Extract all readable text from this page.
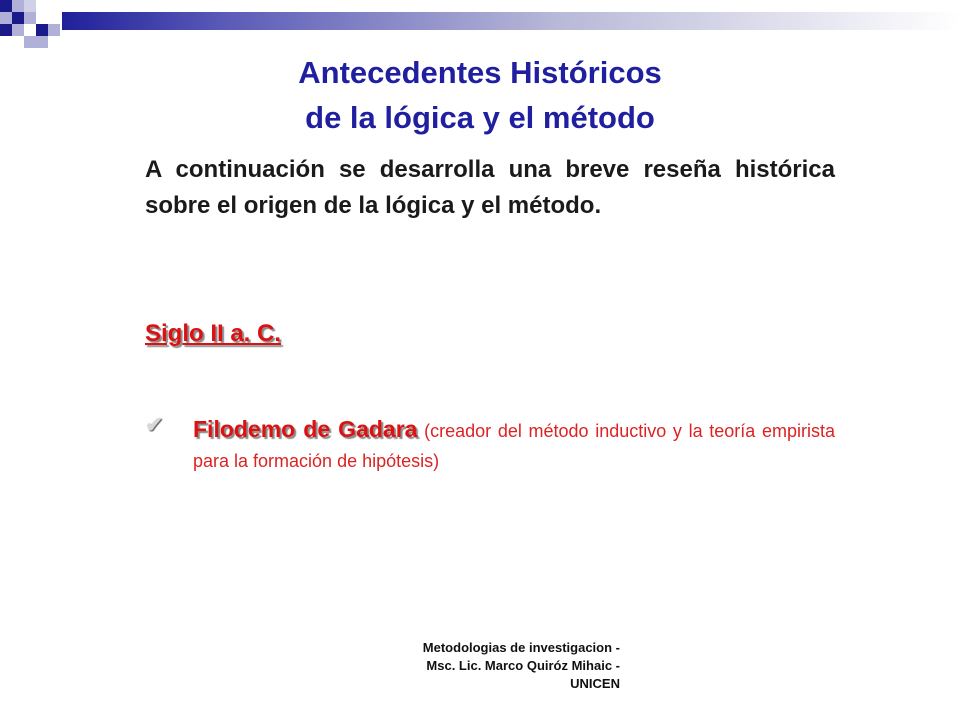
Antecedentes Históricos
de la lógica y el método
A continuación se desarrolla una breve reseña histórica sobre el origen de la lógica y el método.
Siglo II a. C.
✔ Filodemo de Gadara (creador del método inductivo y la teoría empirista para la formación de hipótesis)
Metodologias de investigacion -
Msc. Lic. Marco Quiróz Mihaic -
UNICEN
